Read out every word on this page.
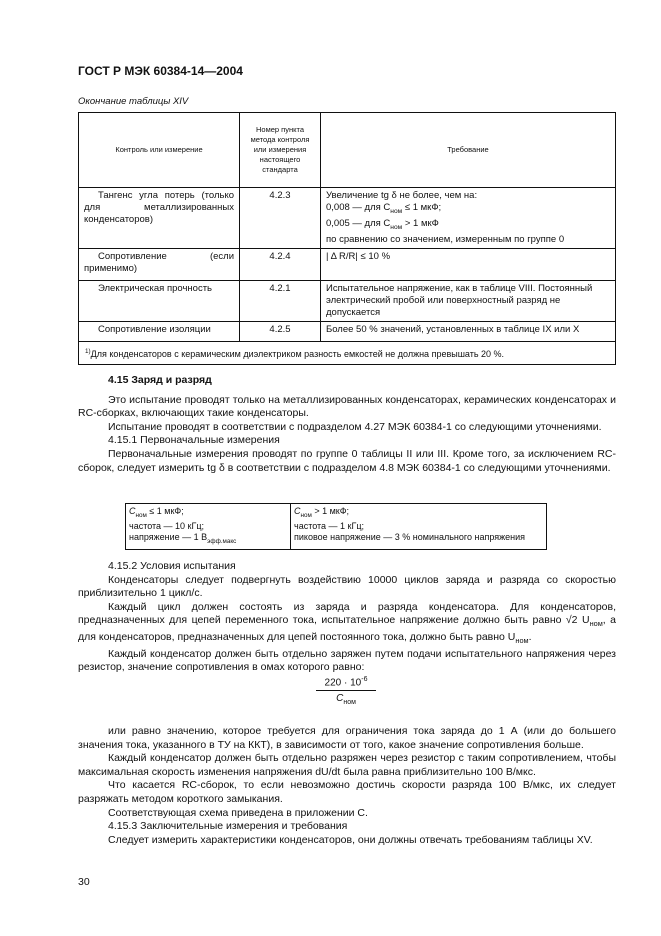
ГОСТ Р МЭК 60384-14—2004
Окончание таблицы XIV
Контроль или измерение	Номер пункта метода контроля или измерения настоящего стандарта	Требование
Тангенс угла потерь (только для металлизированных конденсаторов)	4.2.3	Увеличение tg δ не более, чем на:
0,008 — для $C_{ном} \le 1$ мкФ;
0,005 — для $C_{ном} > 1$ мкФ
по сравнению со значением, измеренным по группе 0

Сопротивление (если применимо)	4.2.4	| Δ R/R| ≤ 10 %
Электрическая прочность	4.2.1	Испытательное напряжение, как в таблице VIII. Постоянный электрический пробой или поверхностный разряд не допускается
Сопротивление изоляции	4.2.5	Более 50 % значений, установленных в таблице IX или X
$^{1)}$Для конденсаторов с керамическим диэлектриком разность емкостей не должна превышать 20 %.		

4.15 Заряд и разряд

Это испытание проводят только на металлизированных конденсаторах, керамических конденсаторах и RC-сборках, включающих такие конденсаторы.

Испытание проводят в соответствии с подразделом 4.27 МЭК 60384-1 со следующими уточнениями.

4.15.1 Первоначальные измерения

Первоначальные измерения проводят по группе 0 таблицы II или III. Кроме того, за исключением RC-сборок, следует измерить tg δ в соответствии с подразделом 4.8 МЭК 60384-1 со следующими уточнениями.

$C_{ном} \le 1$ мкФ;
частота — 10 кГц;
напряжение — 1 $В_{эфф.макс}$

$C_{ном} > 1$ мкФ;
частота — 1 кГц;
пиковое напряжение — 3 % номинального напряжения

4.15.2 Условия испытания

Конденсаторы следует подвергнуть воздействию 10000 циклов заряда и разряда со скоростью приблизительно 1 цикл/с.

Каждый цикл должен состоять из заряда и разряда конденсатора. Для конденсаторов, предназначенных для цепей переменного тока, испытательное напряжение должно быть равно √2 $U_{ном}$, а для конденсаторов, предназначенных для цепей постоянного тока, должно быть равно $U_{ном}$.

Каждый конденсатор должен быть отдельно заряжен путем подачи испытательного напряжения через резистор, значение сопротивления в омах которого равно:

$220 \cdot 10^{-6}$
$C_{ном}$

или равно значению, которое требуется для ограничения тока заряда до 1 А (или до большего значения тока, указанного в ТУ на ККТ), в зависимости от того, какое значение сопротивления больше.

Каждый конденсатор должен быть отдельно разряжен через резистор с таким сопротивлением, чтобы максимальная скорость изменения напряжения dU/dt была равна приблизительно 100 В/мкс.

Что касается RC-сборок, то если невозможно достичь скорости разряда 100 В/мкс, их следует разряжать методом короткого замыкания.

Соответствующая схема приведена в приложении С.

4.15.3 Заключительные измерения и требования

Следует измерить характеристики конденсаторов, они должны отвечать требованиям таблицы XV.

30
